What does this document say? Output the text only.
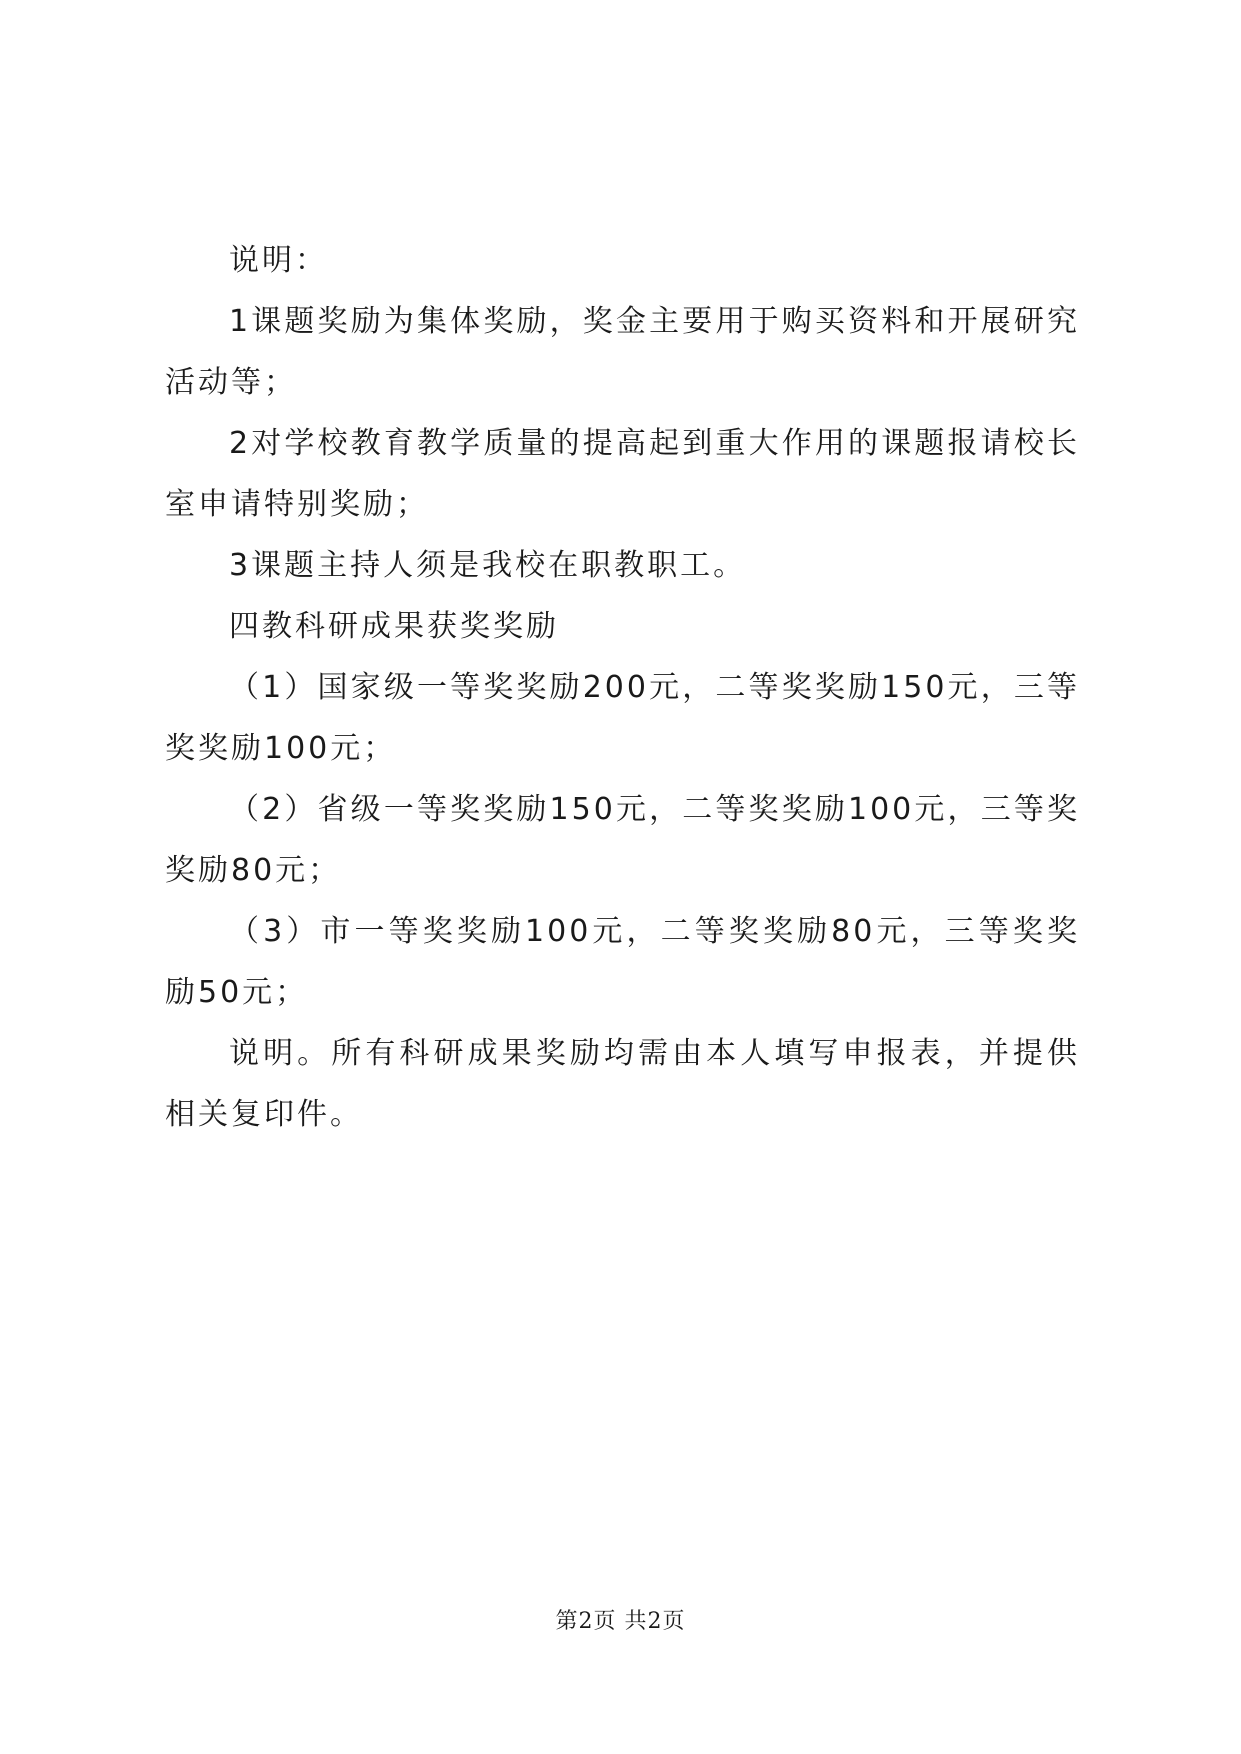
说明：

1课题奖励为集体奖励，奖金主要用于购买资料和开展研究活动等；

2对学校教育教学质量的提高起到重大作用的课题报请校长室申请特别奖励；

3课题主持人须是我校在职教职工。

四教科研成果获奖奖励

（1）国家级一等奖奖励200元，二等奖奖励150元，三等奖奖励100元；

（2）省级一等奖奖励150元，二等奖奖励100元，三等奖奖励80元；

（3）市一等奖奖励100元，二等奖奖励80元，三等奖奖励50元；

说明。所有科研成果奖励均需由本人填写申报表，并提供相关复印件。

第2页 共2页
